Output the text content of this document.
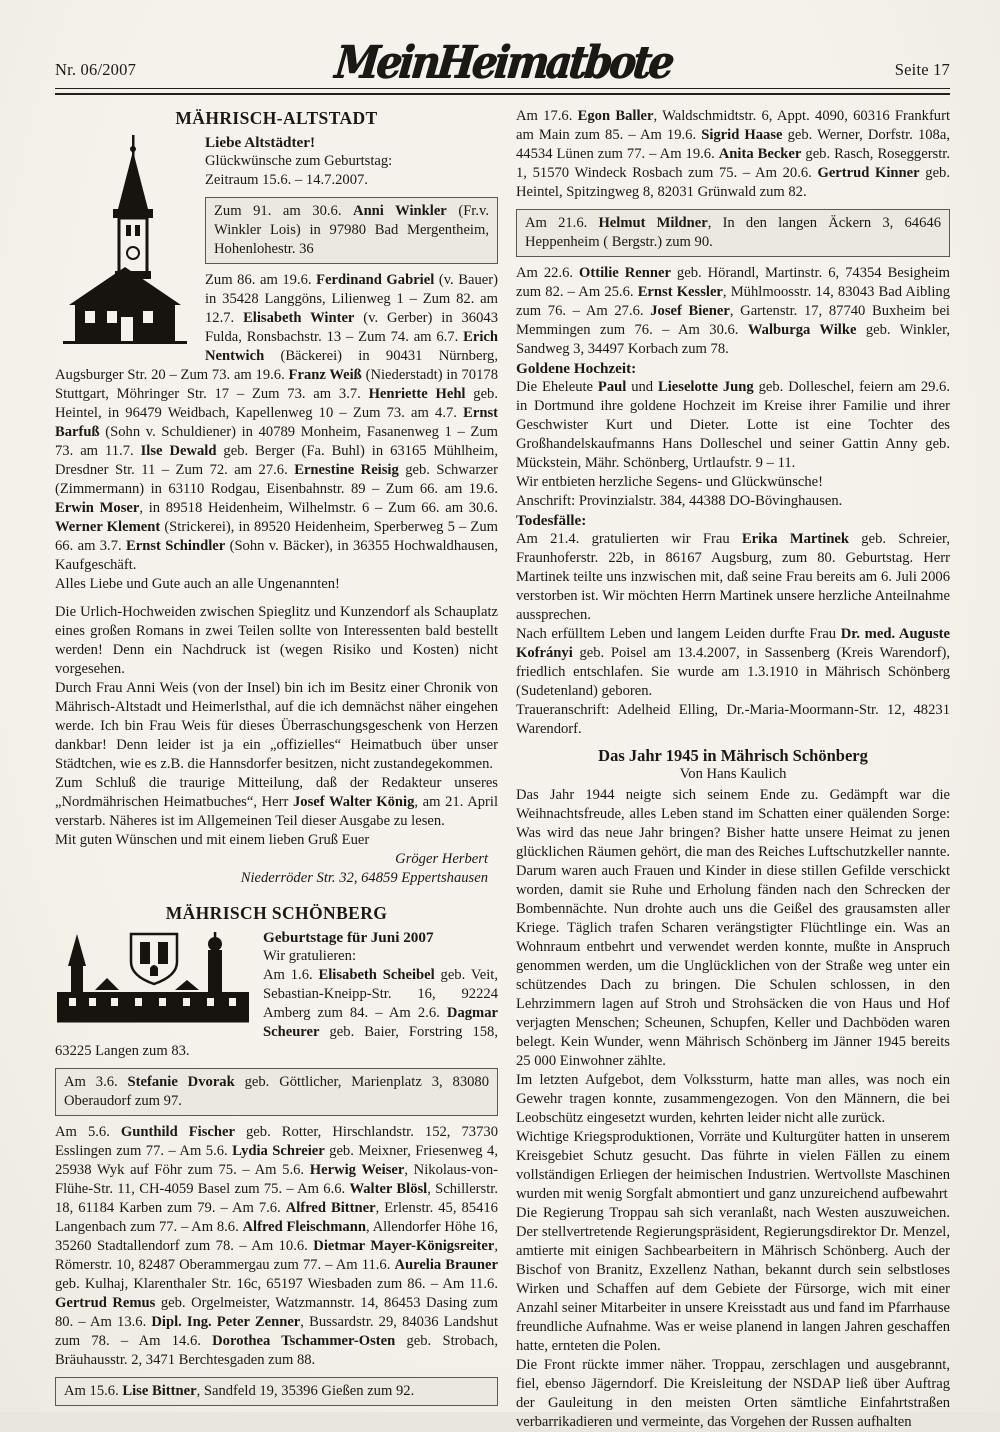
Nr. 06/2007	MeinHeimatbote	Seite 17
MÄHRISCH-ALTSTADT
Liebe Altstädter!
Glückwünsche zum Geburtstag:
Zeitraum 15.6. – 14.7.2007.
Zum 91. am 30.6. Anni Winkler (Fr.v. Winkler Lois) in 97980 Bad Mergentheim, Hohenlohestr. 36
Zum 86. am 19.6. Ferdinand Gabriel (v. Bauer) in 35428 Langgöns, Lilienweg 1 – Zum 82. am 12.7. Elisabeth Winter (v. Gerber) in 36043 Fulda, Ronsbachstr. 13 – Zum 74. am 6.7. Erich Nentwich (Bäckerei) in 90431 Nürnberg, Augsburger Str. 20 – Zum 73. am 19.6. Franz Weiß (Niederstadt) in 70178 Stuttgart, Möhringer Str. 17 – Zum 73. am 3.7. Henriette Hehl geb. Heintel, in 96479 Weidbach, Kapellenweg 10 – Zum 73. am 4.7. Ernst Barfuß (Sohn v. Schuldiener) in 40789 Monheim, Fasanenweg 1 – Zum 73. am 11.7. Ilse Dewald geb. Berger (Fa. Buhl) in 63165 Mühlheim, Dresdner Str. 11 – Zum 72. am 27.6. Ernestine Reisig geb. Schwarzer (Zimmermann) in 63110 Rodgau, Eisenbahnstr. 89 – Zum 66. am 19.6. Erwin Moser, in 89518 Heidenheim, Wilhelmstr. 6 – Zum 66. am 30.6. Werner Klement (Strickerei), in 89520 Heidenheim, Sperberweg 5 – Zum 66. am 3.7. Ernst Schindler (Sohn v. Bäcker), in 36355 Hochwaldhausen, Kaufgeschäft.
Alles Liebe und Gute auch an alle Ungenannten!
Die Urlich-Hochweiden zwischen Spieglitz und Kunzendorf als Schauplatz eines großen Romans in zwei Teilen sollte von Interessenten bald bestellt werden! Denn ein Nachdruck ist (wegen Risiko und Kosten) nicht vorgesehen.
Durch Frau Anni Weis (von der Insel) bin ich im Besitz einer Chronik von Mährisch-Altstadt und Heimerlsthal, auf die ich demnächst näher eingehen werde. Ich bin Frau Weis für dieses Überraschungsgeschenk von Herzen dankbar! Denn leider ist ja ein „offizielles“ Heimatbuch über unser Städtchen, wie es z.B. die Hannsdorfer besitzen, nicht zustandegekommen.
Zum Schluß die traurige Mitteilung, daß der Redakteur unseres „Nordmährischen Heimatbuches“, Herr Josef Walter König, am 21. April verstarb. Näheres ist im Allgemeinen Teil dieser Ausgabe zu lesen.
Mit guten Wünschen und mit einem lieben Gruß Euer
Gröger Herbert
Niederröder Str. 32, 64859 Eppertshausen
MÄHRISCH SCHÖNBERG
Geburtstage für Juni 2007
Wir gratulieren:
Am 1.6. Elisabeth Scheibel geb. Veit, Sebastian-Kneipp-Str. 16, 92224 Amberg zum 84. – Am 2.6. Dagmar Scheurer geb. Baier, Forstring 158, 63225 Langen zum 83.
Am 3.6. Stefanie Dvorak geb. Göttlicher, Marienplatz 3, 83080 Oberaudorf zum 97.
Am 5.6. Gunthild Fischer geb. Rotter, Hirschlandstr. 152, 73730 Esslingen zum 77. – Am 5.6. Lydia Schreier geb. Meixner, Friesenweg 4, 25938 Wyk auf Föhr zum 75. – Am 5.6. Herwig Weiser, Nikolaus-von-Flühe-Str. 11, CH-4059 Basel zum 75. – Am 6.6. Walter Blösl, Schillerstr. 18, 61184 Karben zum 79. – Am 7.6. Alfred Bittner, Erlenstr. 45, 85416 Langenbach zum 77. – Am 8.6. Alfred Fleischmann, Allendorfer Höhe 16, 35260 Stadtallendorf zum 78. – Am 10.6. Dietmar Mayer-Königsreiter, Römerstr. 10, 82487 Oberammergau zum 77. – Am 11.6. Aurelia Brauner geb. Kulhaj, Klarenthaler Str. 16c, 65197 Wiesbaden zum 86. – Am 11.6. Gertrud Remus geb. Orgelmeister, Watzmannstr. 14, 86453 Dasing zum 80. – Am 13.6. Dipl. Ing. Peter Zenner, Bussardstr. 29, 84036 Landshut zum 78. – Am 14.6. Dorothea Tschammer-Osten geb. Strobach, Bräuhausstr. 2, 3471 Berchtesgaden zum 88.
Am 15.6. Lise Bittner, Sandfeld 19, 35396 Gießen zum 92.
Am 17.6. Egon Baller, Waldschmidtstr. 6, Appt. 4090, 60316 Frankfurt am Main zum 85. – Am 19.6. Sigrid Haase geb. Werner, Dorfstr. 108a, 44534 Lünen zum 77. – Am 19.6. Anita Becker geb. Rasch, Roseggerstr. 1, 51570 Windeck Rosbach zum 75. – Am 20.6. Gertrud Kinner geb. Heintel, Spitzingweg 8, 82031 Grünwald zum 82.
Am 21.6. Helmut Mildner, In den langen Äckern 3, 64646 Heppenheim ( Bergstr.) zum 90.
Am 22.6. Ottilie Renner geb. Hörandl, Martinstr. 6, 74354 Besigheim zum 82. – Am 25.6. Ernst Kessler, Mühlmoosstr. 14, 83043 Bad Aibling zum 76. – Am 27.6. Josef Biener, Gartenstr. 17, 87740 Buxheim bei Memmingen zum 76. – Am 30.6. Walburga Wilke geb. Winkler, Sandweg 3, 34497 Korbach zum 78.
Goldene Hochzeit:
Die Eheleute Paul und Lieselotte Jung geb. Dolleschel, feiern am 29.6. in Dortmund ihre goldene Hochzeit im Kreise ihrer Familie und ihrer Geschwister Kurt und Dieter. Lotte ist eine Tochter des Großhandelskaufmanns Hans Dolleschel und seiner Gattin Anny geb. Mückstein, Mähr. Schönberg, Urtlaufstr. 9 – 11.
Wir entbieten herzliche Segens- und Glückwünsche!
Anschrift: Provinzialstr. 384, 44388 DO-Bövinghausen.
Todesfälle:
Am 21.4. gratulierten wir Frau Erika Martinek geb. Schreier, Fraunhoferstr. 22b, in 86167 Augsburg, zum 80. Geburtstag. Herr Martinek teilte uns inzwischen mit, daß seine Frau bereits am 6. Juli 2006 verstorben ist. Wir möchten Herrn Martinek unsere herzliche Anteilnahme aussprechen.
Nach erfülltem Leben und langem Leiden durfte Frau Dr. med. Auguste Kofrányi geb. Poisel am 13.4.2007, in Sassenberg (Kreis Warendorf), friedlich entschlafen. Sie wurde am 1.3.1910 in Mährisch Schönberg (Sudetenland) geboren.
Traueranschrift: Adelheid Elling, Dr.-Maria-Moormann-Str. 12, 48231 Warendorf.
Das Jahr 1945 in Mährisch Schönberg
Von Hans Kaulich
Das Jahr 1944 neigte sich seinem Ende zu. Gedämpft war die Weihnachtsfreude, alles Leben stand im Schatten einer quälenden Sorge: Was wird das neue Jahr bringen? Bisher hatte unsere Heimat zu jenen glücklichen Räumen gehört, die man des Reiches Luftschutzkeller nannte. Darum waren auch Frauen und Kinder in diese stillen Gefilde verschickt worden, damit sie Ruhe und Erholung fänden nach den Schrecken der Bombennächte. Nun drohte auch uns die Geißel des grausamsten aller Kriege. Täglich trafen Scharen verängstigter Flüchtlinge ein. Was an Wohnraum entbehrt und verwendet werden konnte, mußte in Anspruch genommen werden, um die Unglücklichen von der Straße weg unter ein schützendes Dach zu bringen. Die Schulen schlossen, in den Lehrzimmern lagen auf Stroh und Strohsäcken die von Haus und Hof verjagten Menschen; Scheunen, Schupfen, Keller und Dachböden waren belegt. Kein Wunder, wenn Mährisch Schönberg im Jänner 1945 bereits 25 000 Einwohner zählte.
Im letzten Aufgebot, dem Volkssturm, hatte man alles, was noch ein Gewehr tragen konnte, zusammengezogen. Von den Männern, die bei Leobschütz eingesetzt wurden, kehrten leider nicht alle zurück.
Wichtige Kriegsproduktionen, Vorräte und Kulturgüter hatten in unserem Kreisgebiet Schutz gesucht. Das führte in vielen Fällen zu einem vollständigen Erliegen der heimischen Industrien. Wertvollste Maschinen wurden mit wenig Sorgfalt abmontiert und ganz unzureichend aufbewahrt
Die Regierung Troppau sah sich veranlaßt, nach Westen auszuweichen. Der stellvertretende Regierungspräsident, Regierungsdirektor Dr. Menzel, amtierte mit einigen Sachbearbeitern in Mährisch Schönberg. Auch der Bischof von Branitz, Exzellenz Nathan, bekannt durch sein selbstloses Wirken und Schaffen auf dem Gebiete der Fürsorge, wich mit einer Anzahl seiner Mitarbeiter in unsere Kreisstadt aus und fand im Pfarrhause freundliche Aufnahme. Was er weise planend in langen Jahren geschaffen hatte, ernteten die Polen.
Die Front rückte immer näher. Troppau, zerschlagen und ausgebrannt, fiel, ebenso Jägerndorf. Die Kreisleitung der NSDAP ließ über Auftrag der Gauleitung in den meisten Orten sämtliche Einfahrtstraßen verbarrikadieren und vermeinte, das Vorgehen der Russen aufhalten
